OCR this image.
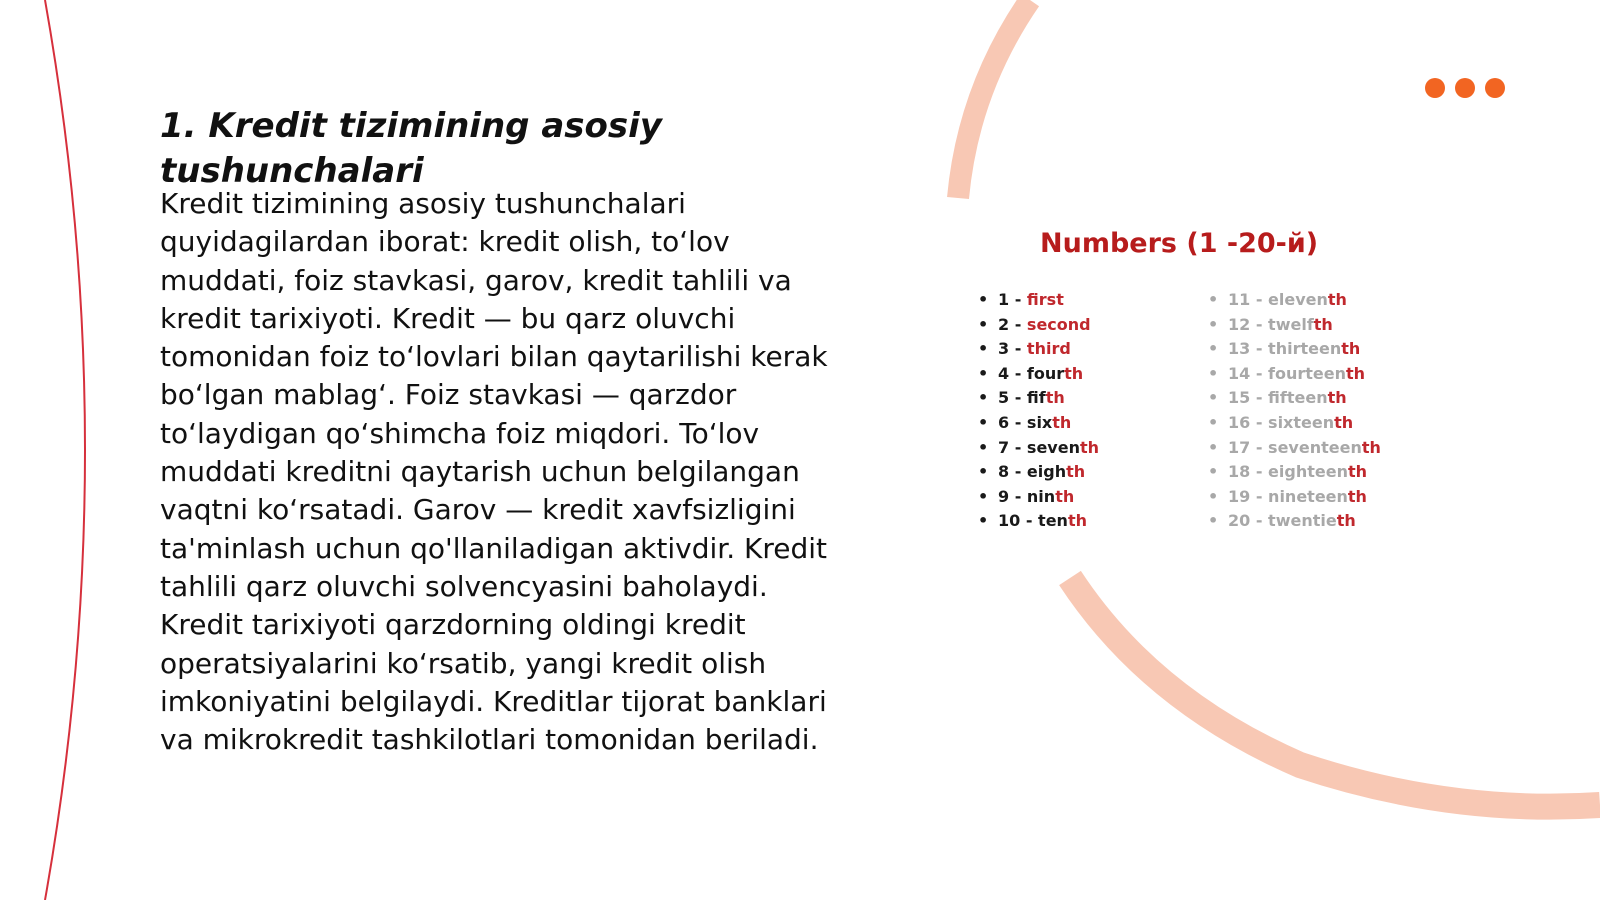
1. Kredit tizimining asosiy tushunchalari

Kredit tizimining asosiy tushunchalari quyidagilardan iborat: kredit olish, to‘lov muddati, foiz stavkasi, garov, kredit tahlili va kredit tarixiyoti. Kredit — bu qarz oluvchi tomonidan foiz to‘lovlari bilan qaytarilishi kerak bo‘lgan mablag‘. Foiz stavkasi — qarzdor to‘laydigan qo‘shimcha foiz miqdori. To‘lov muddati kreditni qaytarish uchun belgilangan vaqtni ko‘rsatadi. Garov — kredit xavfsizligini ta'minlash uchun qo'llaniladigan aktivdir. Kredit tahlili qarz oluvchi solvencyasini baholaydi. Kredit tarixiyoti qarzdorning oldingi kredit operatsiyalarini ko‘rsatib, yangi kredit olish imkoniyatini belgilaydi. Kreditlar tijorat banklari va mikrokredit tashkilotlari tomonidan beriladi.

Numbers (1 -20-й)
• 1 - first
• 2 - second
• 3 - third
• 4 - fourth
• 5 - fifth
• 6 - sixth
• 7 - seventh
• 8 - eighth
• 9 - ninth
• 10 - tenth
• 11 - eleventh
• 12 - twelfth
• 13 - thirteenth
• 14 - fourteenth
• 15 - fifteenth
• 16 - sixteenth
• 17 - seventeenth
• 18 - eighteenth
• 19 - nineteenth
• 20 - twentieth
